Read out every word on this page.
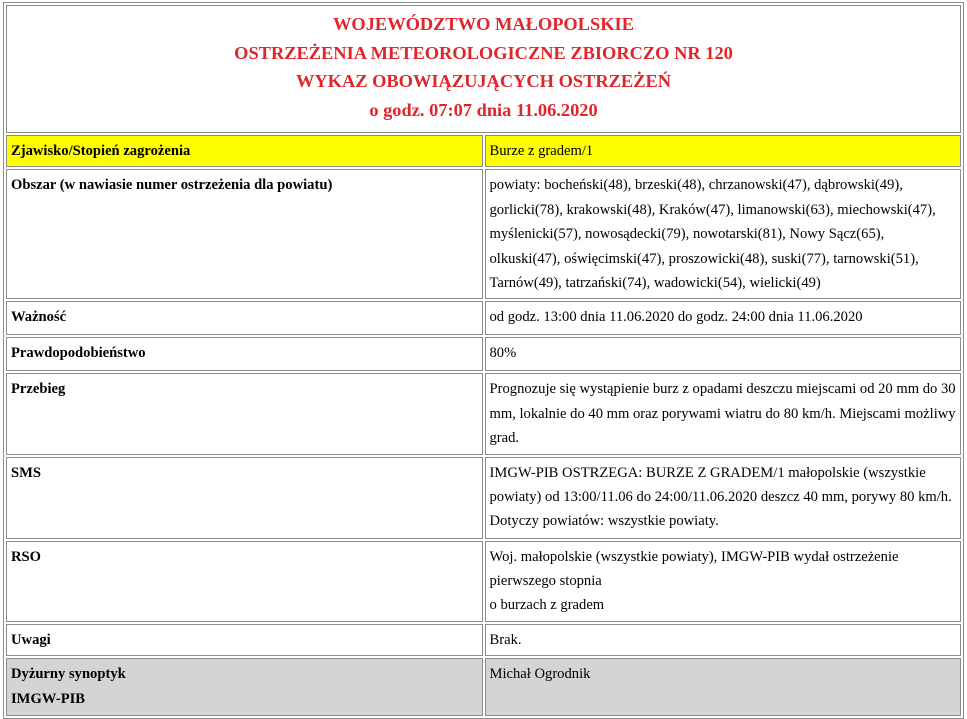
WOJEWÓDZTWO MAŁOPOLSKIE
OSTRZEŻENIA METEOROLOGICZNE ZBIORCZO NR 120
WYKAZ OBOWIĄZUJĄCYCH OSTRZEŻEŃ
o godz. 07:07 dnia 11.06.2020	

Zjawisko/Stopień zagrożenia	Burze z gradem/1
Obszar (w nawiasie numer ostrzeżenia dla powiatu)	powiaty: bocheński(48), brzeski(48), chrzanowski(47), dąbrowski(49), gorlicki(78), krakowski(48), Kraków(47), limanowski(63), miechowski(47), myślenicki(57), nowosądecki(79), nowotarski(81), Nowy Sącz(65), olkuski(47), oświęcimski(47), proszowicki(48), suski(77), tarnowski(51), Tarnów(49), tatrzański(74), wadowicki(54), wielicki(49)
Ważność	od godz. 13:00 dnia 11.06.2020 do godz. 24:00 dnia 11.06.2020
Prawdopodobieństwo	80%
Przebieg	Prognozuje się wystąpienie burz z opadami deszczu miejscami od 20 mm do 30 mm, lokalnie do 40 mm oraz porywami wiatru do 80 km/h. Miejscami możliwy grad.
SMS	IMGW-PIB OSTRZEGA: BURZE Z GRADEM/1 małopolskie (wszystkie powiaty) od 13:00/11.06 do 24:00/11.06.2020 deszcz 40 mm, porywy 80 km/h. Dotyczy powiatów: wszystkie powiaty.
RSO	Woj. małopolskie (wszystkie powiaty), IMGW-PIB wydał ostrzeżenie pierwszego stopnia
o burzach z gradem

Uwagi	Brak.

Dyżurny synoptyk
IMGW-PIB	Michał Ogrodnik
